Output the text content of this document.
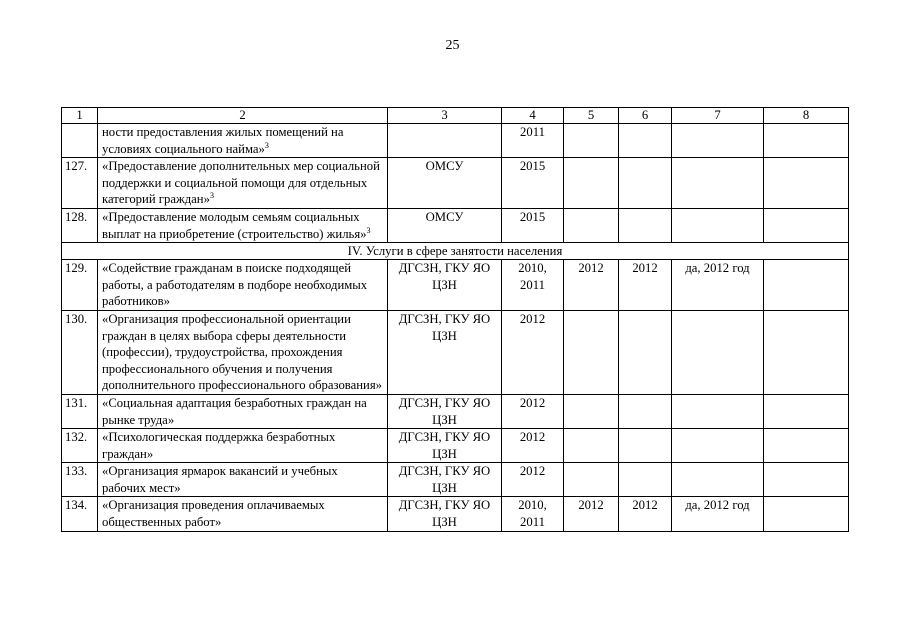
25
1	2	3	4	5	6	7	8
	ности предоставления жилых помещений на условиях социального найма»$^3$		2011				
127.	«Предоставление дополнительных мер социальной поддержки и социальной помощи для отдельных категорий граждан»$^3$	ОМСУ	2015				
128.	«Предоставление молодым семьям социальных выплат на приобретение (строительство) жилья»$^3$	ОМСУ	2015				
IV. Услуги в сфере занятости населения							
129.	«Содействие гражданам в поиске подходящей работы, а работодателям в подборе необходимых работников»	ДГСЗН, ГКУ ЯО ЦЗН	2010, 2011	2012	2012	да, 2012 год	
130.	«Организация профессиональной ориентации граждан в целях выбора сферы деятельности (профессии), трудоустройства, прохождения профессионального обучения и получения дополнительного профессионального образования»	ДГСЗН, ГКУ ЯО ЦЗН	2012				
131.	«Социальная адаптация безработных граждан на рынке труда»	ДГСЗН, ГКУ ЯО ЦЗН	2012				
132.	«Психологическая поддержка безработных граждан»	ДГСЗН, ГКУ ЯО ЦЗН	2012				
133.	«Организация ярмарок вакансий и учебных рабочих мест»	ДГСЗН, ГКУ ЯО ЦЗН	2012				
134.	«Организация проведения оплачиваемых общественных работ»	ДГСЗН, ГКУ ЯО ЦЗН	2010, 2011	2012	2012	да, 2012 год	
